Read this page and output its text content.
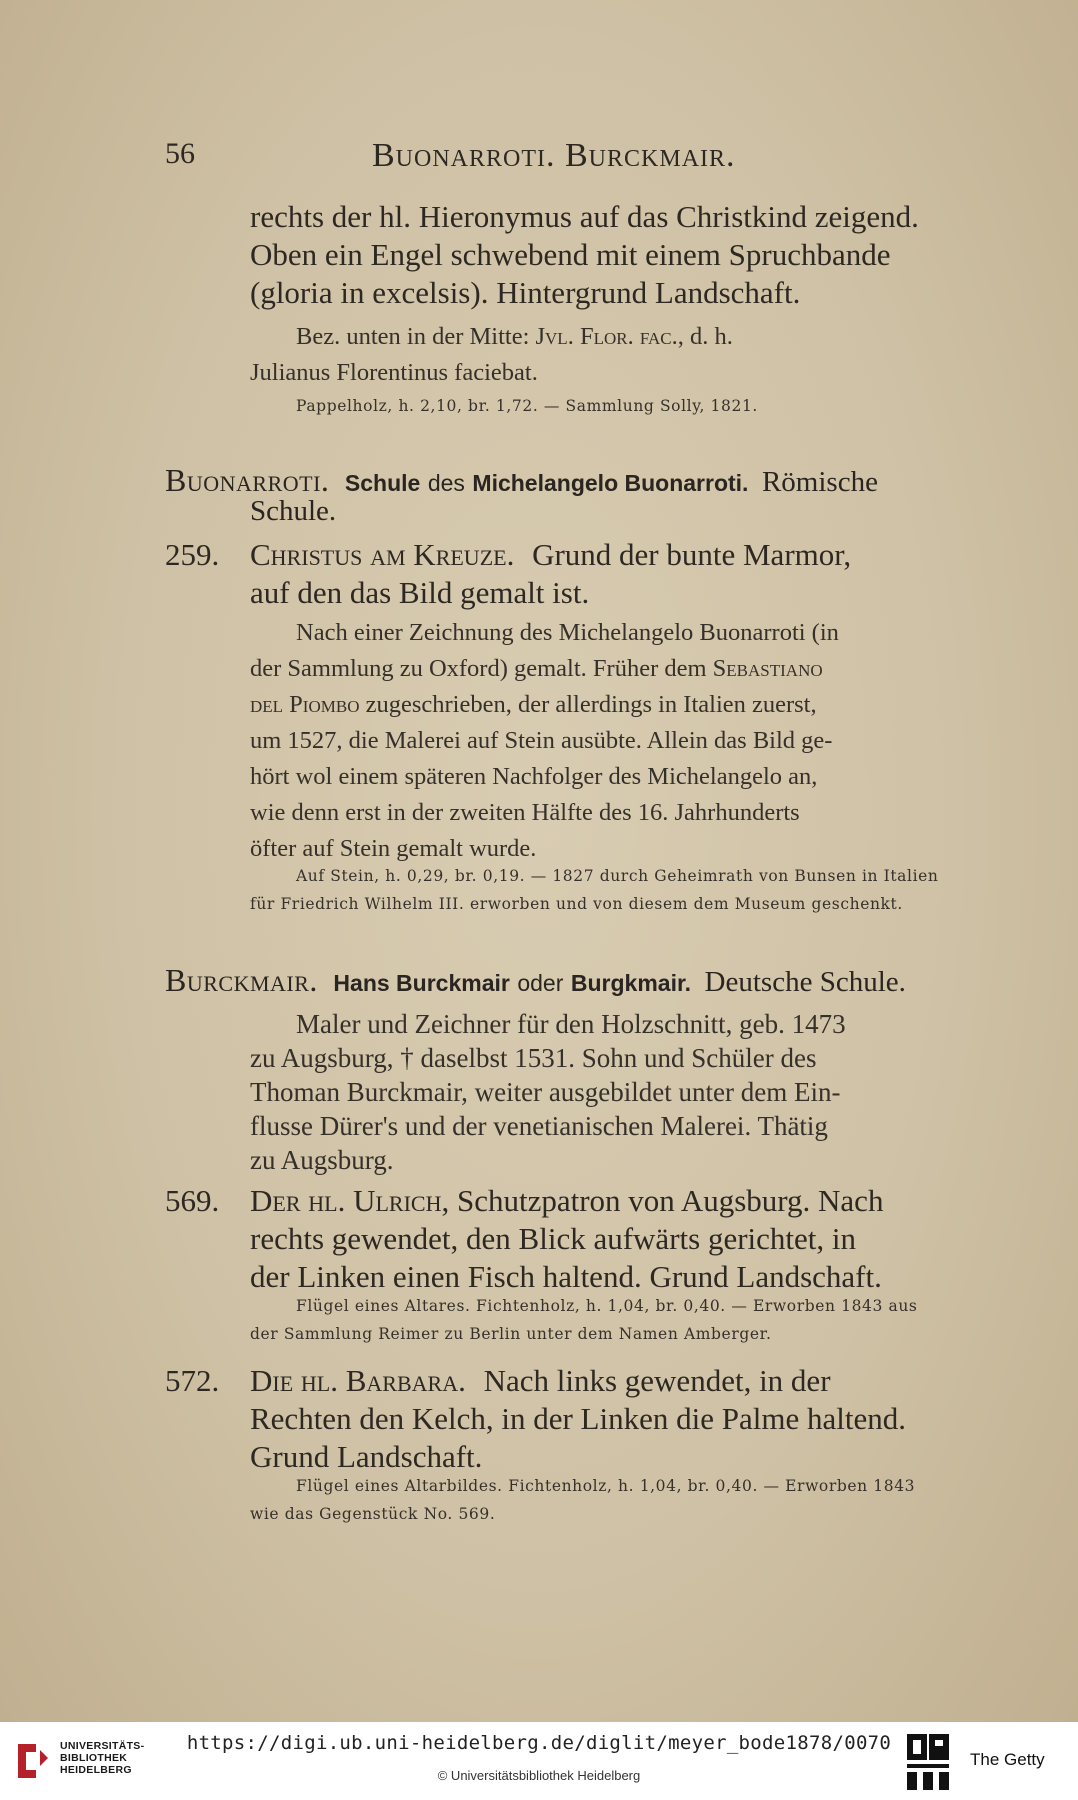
56	Buonarroti. Burckmair.
rechts der hl. Hieronymus auf das Christkind zeigend.
Oben ein Engel schwebend mit einem Spruchbande
(gloria in excelsis). Hintergrund Landschaft.
Bez. unten in der Mitte: Jvl. Flor. fac., d. h.
Julianus Florentinus faciebat.
Pappelholz, h. 2,10, br. 1,72. — Sammlung Solly, 1821.
Buonarroti. Schule des Michelangelo Buonarroti. Römische
Schule.
259. Christus am Kreuze. Grund der bunte Marmor,
auf den das Bild gemalt ist.
Nach einer Zeichnung des Michelangelo Buonarroti (in
der Sammlung zu Oxford) gemalt. Früher dem Sebastiano
del Piombo zugeschrieben, der allerdings in Italien zuerst,
um 1527, die Malerei auf Stein ausübte. Allein das Bild ge-
hört wol einem späteren Nachfolger des Michelangelo an,
wie denn erst in der zweiten Hälfte des 16. Jahrhunderts
öfter auf Stein gemalt wurde.
Auf Stein, h. 0,29, br. 0,19. — 1827 durch Geheimrath von Bunsen in Italien
für Friedrich Wilhelm III. erworben und von diesem dem Museum geschenkt.
Burckmair. Hans Burckmair oder Burgkmair. Deutsche Schule.
Maler und Zeichner für den Holzschnitt, geb. 1473
zu Augsburg, † daselbst 1531. Sohn und Schüler des
Thoman Burckmair, weiter ausgebildet unter dem Ein-
flusse Dürer's und der venetianischen Malerei. Thätig
zu Augsburg.
569. Der hl. Ulrich, Schutzpatron von Augsburg. Nach
rechts gewendet, den Blick aufwärts gerichtet, in
der Linken einen Fisch haltend. Grund Landschaft.
Flügel eines Altares. Fichtenholz, h. 1,04, br. 0,40. — Erworben 1843 aus
der Sammlung Reimer zu Berlin unter dem Namen Amberger.
572. Die hl. Barbara. Nach links gewendet, in der
Rechten den Kelch, in der Linken die Palme haltend.
Grund Landschaft.
Flügel eines Altarbildes. Fichtenholz, h. 1,04, br. 0,40. — Erworben 1843
wie das Gegenstück No. 569.
UNIVERSITÄTS-
BIBLIOTHEK
HEIDELBERG
https://digi.ub.uni-heidelberg.de/diglit/meyer_bode1878/0070
© Universitätsbibliothek Heidelberg
The Getty
